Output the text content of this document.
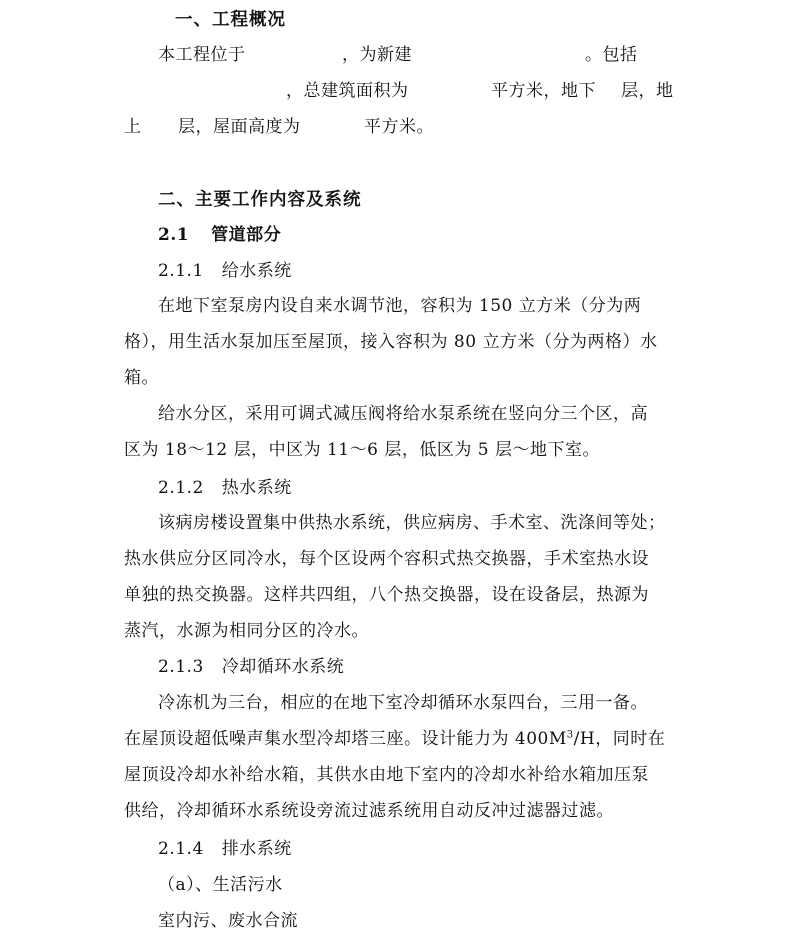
一、工程概况
本工程位于	，为新建	。包括
，总建筑面积为	平方米，地下 层，地
上 层，屋面高度为	平方米。
二、主要工作内容及系统
2.1 管道部分
2.1.1 给水系统
在地下室泵房内设自来水调节池，容积为 150 立方米（分为两
格），用生活水泵加压至屋顶，接入容积为 80 立方米（分为两格）水
箱。
给水分区，采用可调式减压阀将给水泵系统在竖向分三个区，高
区为 18～12 层，中区为 11～6 层，低区为 5 层～地下室。
2.1.2 热水系统
该病房楼设置集中供热水系统，供应病房、手术室、洗涤间等处；
热水供应分区同冷水，每个区设两个容积式热交换器，手术室热水设
单独的热交换器。这样共四组，八个热交换器，设在设备层，热源为
蒸汽，水源为相同分区的冷水。
2.1.3 冷却循环水系统
冷冻机为三台，相应的在地下室冷却循环水泵四台，三用一备。
在屋顶设超低噪声集水型冷却塔三座。设计能力为 $400M^3/H$，同时在
屋顶设冷却水补给水箱，其供水由地下室内的冷却水补给水箱加压泵
供给，冷却循环水系统设旁流过滤系统用自动反冲过滤器过滤。
2.1.4 排水系统
（a）、生活污水
室内污、废水合流
